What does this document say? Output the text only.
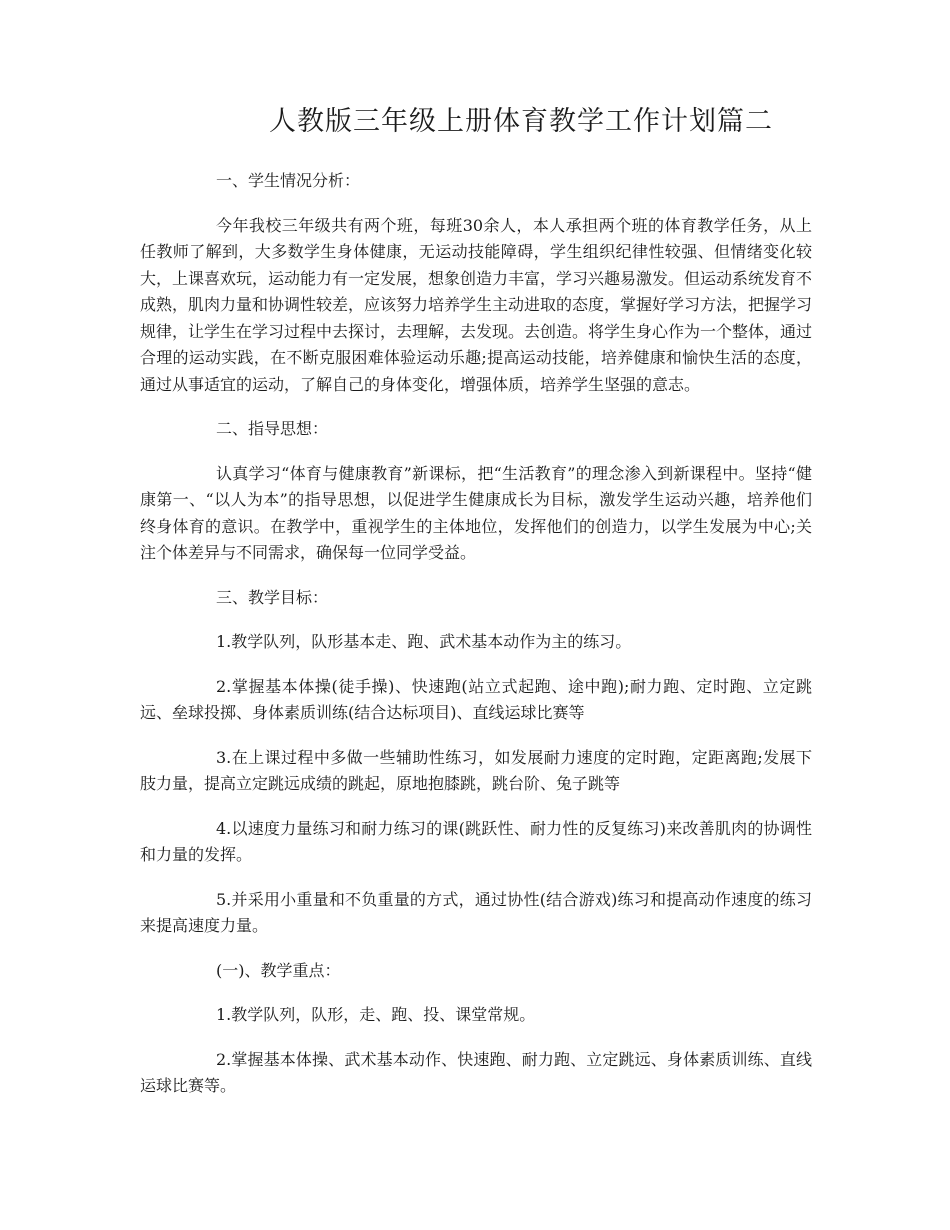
人教版三年级上册体育教学工作计划篇二

一、学生情况分析：

今年我校三年级共有两个班，每班30余人，本人承担两个班的体育教学任务，从上任教师了解到，大多数学生身体健康，无运动技能障碍，学生组织纪律性较强、但情绪变化较大，上课喜欢玩，运动能力有一定发展，想象创造力丰富，学习兴趣易激发。但运动系统发育不成熟，肌肉力量和协调性较差，应该努力培养学生主动进取的态度，掌握好学习方法，把握学习规律，让学生在学习过程中去探讨，去理解，去发现。去创造。将学生身心作为一个整体，通过合理的运动实践，在不断克服困难体验运动乐趣;提高运动技能，培养健康和愉快生活的态度，通过从事适宜的运动，了解自己的身体变化，增强体质，培养学生坚强的意志。

二、指导思想：

认真学习“体育与健康教育”新课标，把“生活教育”的理念渗入到新课程中。坚持“健康第一、“以人为本”的指导思想，以促进学生健康成长为目标，激发学生运动兴趣，培养他们终身体育的意识。在教学中，重视学生的主体地位，发挥他们的创造力，以学生发展为中心;关注个体差异与不同需求，确保每一位同学受益。

三、教学目标：

1.教学队列，队形基本走、跑、武术基本动作为主的练习。

2.掌握基本体操(徒手操)、快速跑(站立式起跑、途中跑);耐力跑、定时跑、立定跳远、垒球投掷、身体素质训练(结合达标项目)、直线运球比赛等

3.在上课过程中多做一些辅助性练习，如发展耐力速度的定时跑，定距离跑;发展下肢力量，提高立定跳远成绩的跳起，原地抱膝跳，跳台阶、兔子跳等

4.以速度力量练习和耐力练习的课(跳跃性、耐力性的反复练习)来改善肌肉的协调性和力量的发挥。

5.并采用小重量和不负重量的方式，通过协性(结合游戏)练习和提高动作速度的练习来提高速度力量。

(一)、教学重点：

1.教学队列，队形，走、跑、投、课堂常规。

2.掌握基本体操、武术基本动作、快速跑、耐力跑、立定跳远、身体素质训练、直线运球比赛等。
